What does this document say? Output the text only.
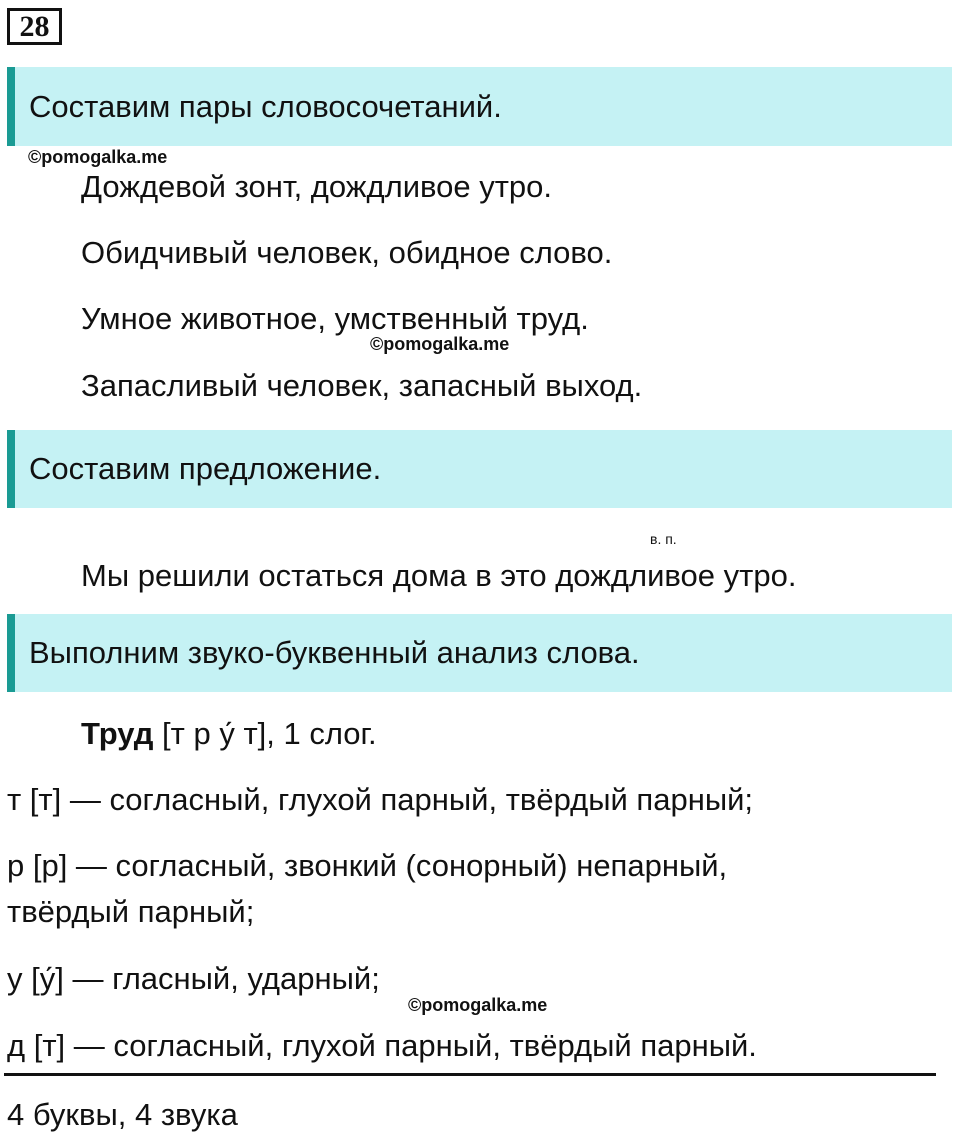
28
Составим пары словосочетаний.
©pomogalka.me
Дождевой зонт, дождливое утро.
Обидчивый человек, обидное слово.
Умное животное, умственный труд.
©pomogalka.me
Запасливый человек, запасный выход.
Составим предложение.
в. п.
Мы решили остаться дома в это дождливое утро.
Выполним звуко-буквенный анализ слова.
Труд [т р у́ т], 1 слог.
т [т] — согласный, глухой парный, твёрдый парный;
р [р] — согласный, звонкий (сонорный) непарный,
твёрдый парный;
у [у́] — гласный, ударный;
©pomogalka.me
д [т] — согласный, глухой парный, твёрдый парный.
4 буквы, 4 звука
